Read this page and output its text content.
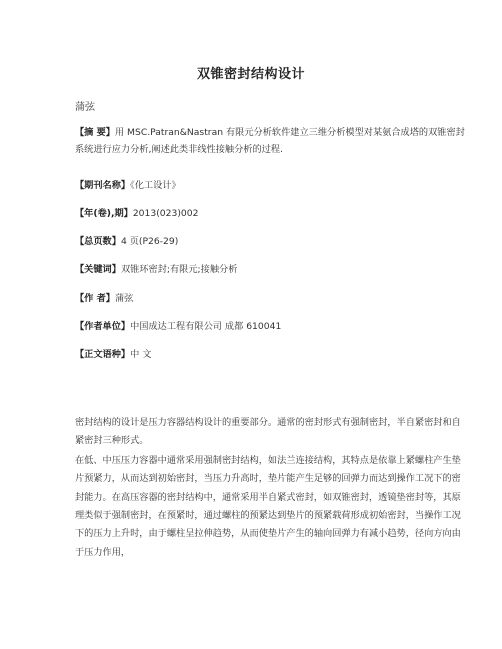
双锥密封结构设计
蒲弦
【摘 要】用 MSC.Patran&Nastran 有限元分析软件建立三维分析模型对某氨合成塔的双锥密封系统进行应力分析,阐述此类非线性接触分析的过程.
【期刊名称】《化工设计》
【年(卷),期】2013(023)002
【总页数】4 页(P26-29)
【关键词】双锥环密封;有限元;接触分析
【作 者】蒲弦
【作者单位】中国成达工程有限公司 成都 610041
【正文语种】中 文

密封结构的设计是压力容器结构设计的重要部分。通常的密封形式有强制密封，半自紧密封和自紧密封三种形式。

在低、中压压力容器中通常采用强制密封结构，如法兰连接结构，其特点是依靠上紧螺柱产生垫片预紧力，从而达到初始密封，当压力升高时，垫片能产生足够的回弹力而达到操作工况下的密封能力。在高压容器的密封结构中，通常采用半自紧式密封，如双锥密封，透镜垫密封等，其原理类似于强制密封，在预紧时，通过螺柱的预紧达到垫片的预紧载荷形成初始密封，当操作工况下的压力上升时，由于螺柱呈拉伸趋势，从而使垫片产生的轴向回弹力有减小趋势，径向方向由于压力作用，
